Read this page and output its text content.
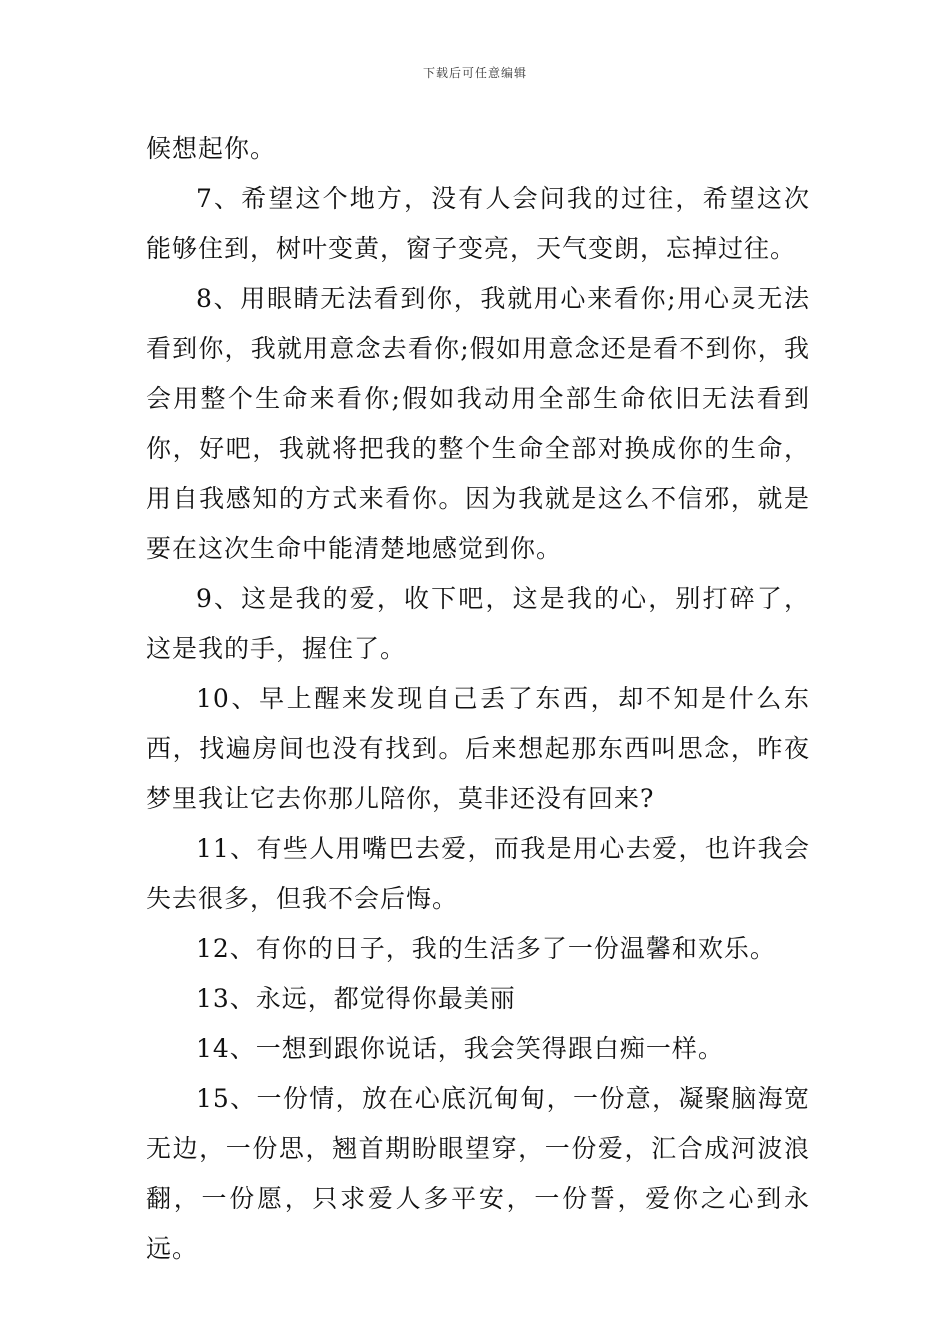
下载后可任意编辑

候想起你。

7、希望这个地方，没有人会问我的过往，希望这次能够住到，树叶变黄，窗子变亮，天气变朗，忘掉过往。

8、用眼睛无法看到你，我就用心来看你;用心灵无法看到你，我就用意念去看你;假如用意念还是看不到你，我会用整个生命来看你;假如我动用全部生命依旧无法看到你，好吧，我就将把我的整个生命全部对换成你的生命，用自我感知的方式来看你。因为我就是这么不信邪，就是要在这次生命中能清楚地感觉到你。

9、这是我的爱，收下吧，这是我的心，别打碎了，这是我的手，握住了。

10、早上醒来发现自己丢了东西，却不知是什么东西，找遍房间也没有找到。后来想起那东西叫思念，昨夜梦里我让它去你那儿陪你，莫非还没有回来?

11、有些人用嘴巴去爱，而我是用心去爱，也许我会失去很多，但我不会后悔。

12、有你的日子，我的生活多了一份温馨和欢乐。

13、永远，都觉得你最美丽

14、一想到跟你说话，我会笑得跟白痴一样。

15、一份情，放在心底沉甸甸，一份意，凝聚脑海宽无边，一份思，翘首期盼眼望穿，一份爱，汇合成河波浪翻，一份愿，只求爱人多平安，一份誓，爱你之心到永远。
